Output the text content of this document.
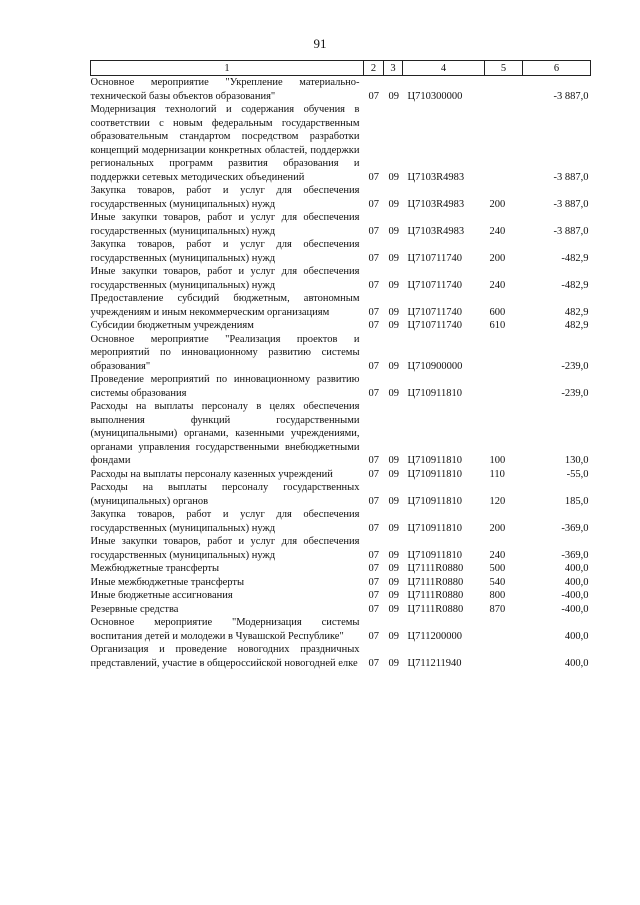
91
1	2	3	4	5	6
Основное мероприятие "Укрепление материально-технической базы объектов образования"	07	09	Ц710300000		-3 887,0
Модернизация технологий и содержания обучения в соответствии с новым федеральным государственным образовательным стандартом посредством разработки концепций модернизации конкретных областей, поддержки региональных программ развития образования и поддержки сетевых методических объединений	07	09	Ц7103R4983		-3 887,0
Закупка товаров, работ и услуг для обеспечения государственных (муниципальных) нужд	07	09	Ц7103R4983	200	-3 887,0
Иные закупки товаров, работ и услуг для обеспечения государственных (муниципальных) нужд	07	09	Ц7103R4983	240	-3 887,0
Закупка товаров, работ и услуг для обеспечения государственных (муниципальных) нужд	07	09	Ц710711740	200	-482,9
Иные закупки товаров, работ и услуг для обеспечения государственных (муниципальных) нужд	07	09	Ц710711740	240	-482,9
Предоставление субсидий бюджетным, автономным учреждениям и иным некоммерческим организациям	07	09	Ц710711740	600	482,9
Субсидии бюджетным учреждениям	07	09	Ц710711740	610	482,9
Основное мероприятие "Реализация проектов и мероприятий по инновационному развитию системы образования"	07	09	Ц710900000		-239,0
Проведение мероприятий по инновационному развитию системы образования	07	09	Ц710911810		-239,0
Расходы на выплаты персоналу в целях обеспечения выполнения функций государственными (муниципальными) органами, казенными учреждениями, органами управления государственными внебюджетными фондами	07	09	Ц710911810	100	130,0
Расходы на выплаты персоналу казенных учреждений	07	09	Ц710911810	110	-55,0
Расходы на выплаты персоналу государственных (муниципальных) органов	07	09	Ц710911810	120	185,0
Закупка товаров, работ и услуг для обеспечения государственных (муниципальных) нужд	07	09	Ц710911810	200	-369,0
Иные закупки товаров, работ и услуг для обеспечения государственных (муниципальных) нужд	07	09	Ц710911810	240	-369,0
Межбюджетные трансферты	07	09	Ц7111R0880	500	400,0
Иные межбюджетные трансферты	07	09	Ц7111R0880	540	400,0
Иные бюджетные ассигнования	07	09	Ц7111R0880	800	-400,0
Резервные средства	07	09	Ц7111R0880	870	-400,0
Основное мероприятие "Модернизация системы воспитания детей и молодежи в Чувашской Республике"	07	09	Ц711200000		400,0
Организация и проведение новогодних праздничных представлений, участие в общероссийской новогодней елке	07	09	Ц711211940		400,0
